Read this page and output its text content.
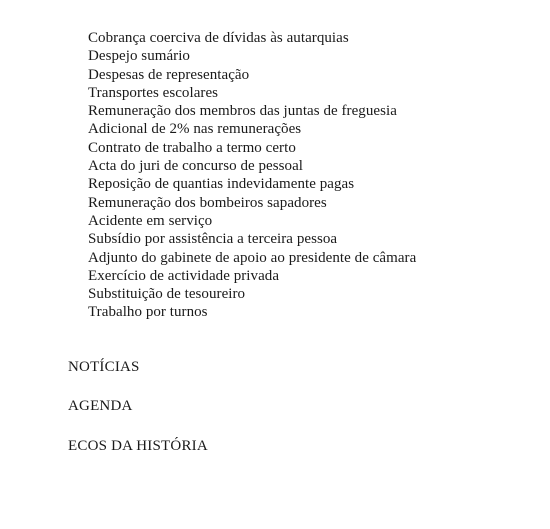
Cobrança coerciva de dívidas às autarquias
Despejo sumário
Despesas de representação
Transportes escolares
Remuneração dos membros das juntas de freguesia
Adicional de 2% nas remunerações
Contrato de trabalho a termo certo
Acta do juri de concurso de pessoal
Reposição de quantias indevidamente pagas
Remuneração dos bombeiros sapadores
Acidente em serviço
Subsídio por assistência a terceira pessoa
Adjunto do gabinete de apoio ao presidente de câmara
Exercício de actividade privada
Substituição de tesoureiro
Trabalho por turnos
NOTÍCIAS
AGENDA
ECOS DA HISTÓRIA
